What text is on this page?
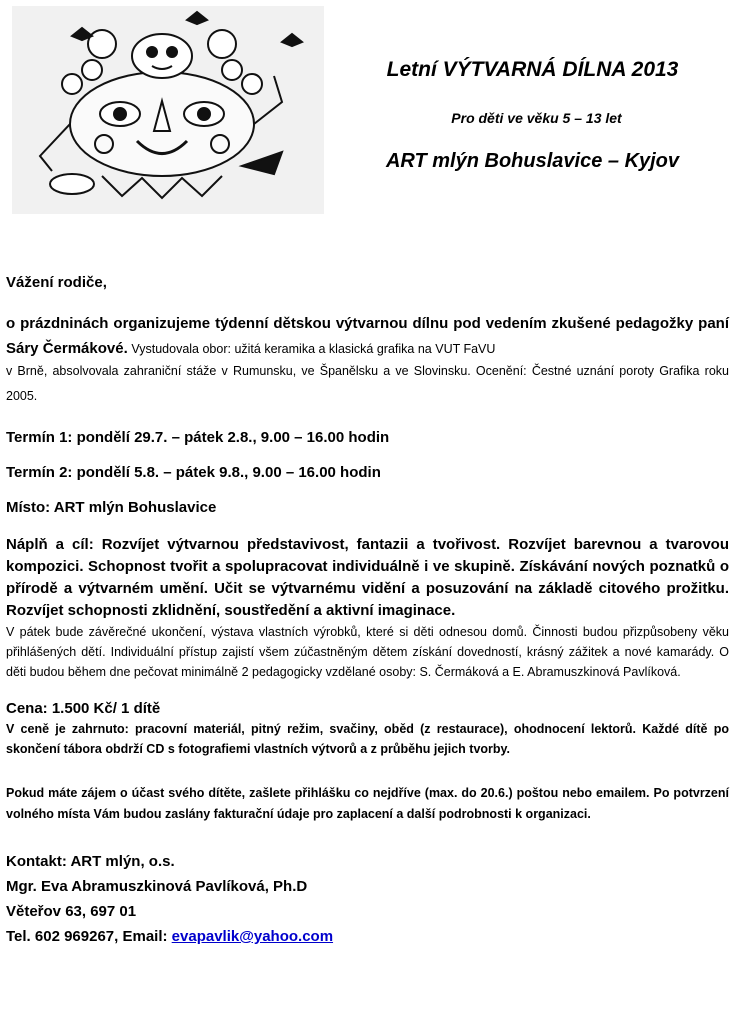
Letní VÝTVARNÁ DÍLNA 2013
Pro děti ve věku 5 – 13 let
ART mlýn Bohuslavice – Kyjov

Vážení rodiče,

o prázdninách organizujeme týdenní dětskou výtvarnou dílnu pod vedením zkušené pedagožky paní Sáry Čermákové. Vystudovala obor: užitá keramika a klasická grafika na VUT FaVU

v Brně, absolvovala zahraniční stáže v Rumunsku, ve Španělsku a ve Slovinsku. Ocenění: Čestné uznání poroty Grafika roku 2005.

Termín 1: pondělí 29.7. – pátek 2.8., 9.00 – 16.00 hodin

Termín 2: pondělí 5.8. – pátek 9.8., 9.00 – 16.00 hodin

Místo: ART mlýn Bohuslavice

Náplň a cíl: Rozvíjet výtvarnou představivost, fantazii a tvořivost. Rozvíjet barevnou a tvarovou kompozici. Schopnost tvořit a spolupracovat individuálně i ve skupině. Získávání nových poznatků o přírodě a výtvarném umění. Učit se výtvarnému vidění a posuzování na základě citového prožitku. Rozvíjet schopnosti zklidnění, soustředění a aktivní imaginace.

V pátek bude závěrečné ukončení, výstava vlastních výrobků, které si děti odnesou domů. Činnosti budou přizpůsobeny věku přihlášených dětí. Individuální přístup zajistí všem zúčastněným dětem získání dovedností, krásný zážitek a nové kamarády. O děti budou během dne pečovat minimálně 2 pedagogicky vzdělané osoby: S. Čermáková a E. Abramuszkinová Pavlíková.

Cena: 1.500 Kč/ 1 dítě

V ceně je zahrnuto: pracovní materiál, pitný režim, svačiny, oběd (z restaurace), ohodnocení lektorů. Každé dítě po skončení tábora obdrží CD s fotografiemi vlastních výtvorů a z průběhu jejich tvorby.

Pokud máte zájem o účast svého dítěte, zašlete přihlášku co nejdříve (max. do 20.6.) poštou nebo emailem. Po potvrzení volného místa Vám budou zaslány fakturační údaje pro zaplacení a další podrobnosti k organizaci.

Kontakt: ART mlýn, o.s.
Mgr. Eva Abramuszkinová Pavlíková, Ph.D
Věteřov 63, 697 01
Tel. 602 969267, Email: evapavlik@yahoo.com
